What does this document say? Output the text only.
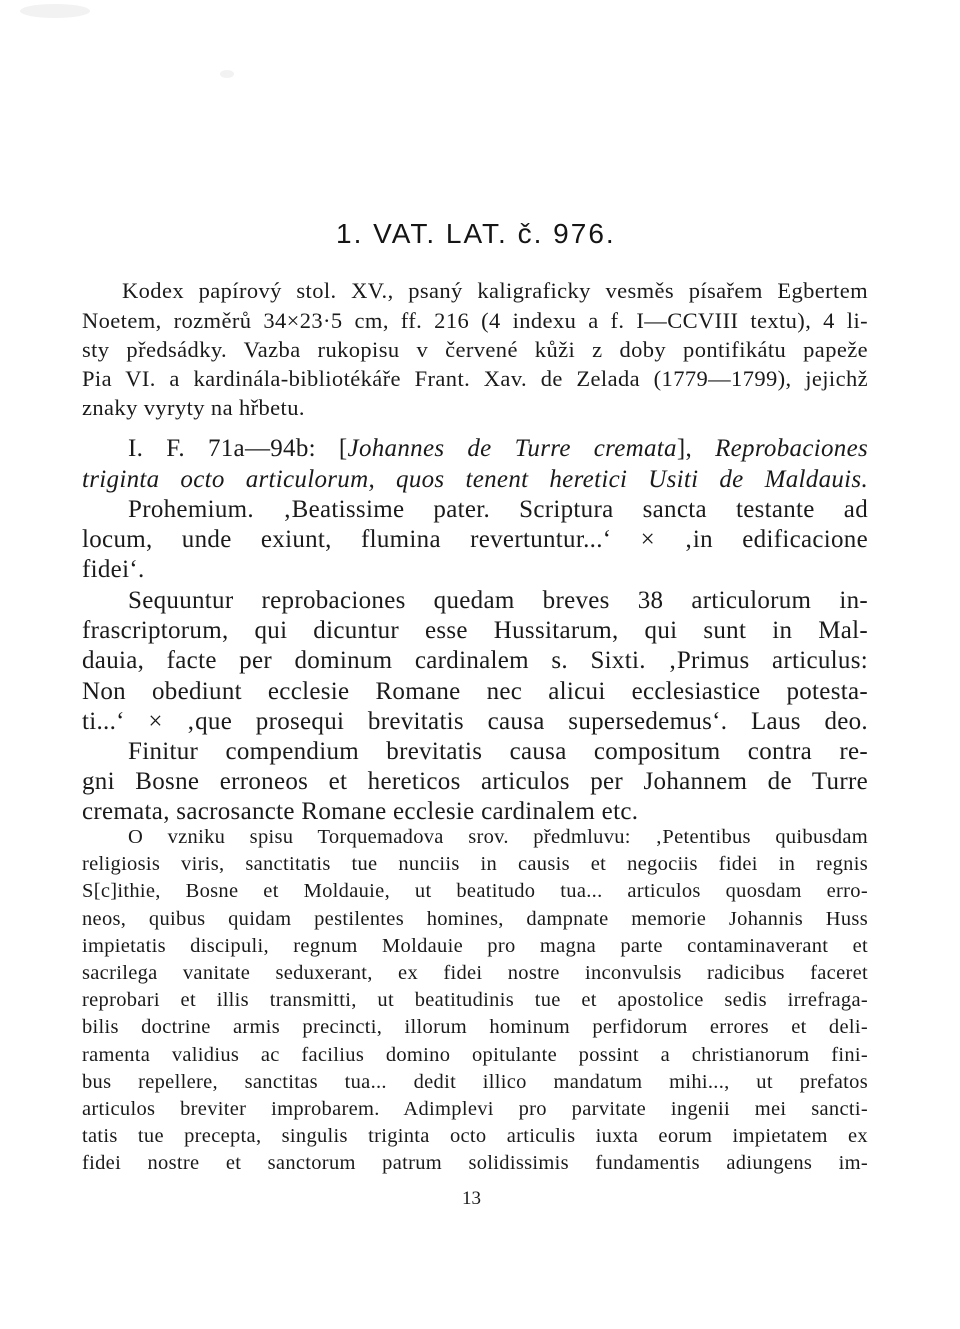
1. VAT. LAT. č. 976.
Kodex papírový stol. XV., psaný kaligraficky vesměs písařem Egbertem
Noetem, rozměrů 34×23·5 cm, ff. 216 (4 indexu a f. I—CCVIII textu), 4 li-
sty předsádky. Vazba rukopisu v červené kůži z doby pontifikátu papeže
Pia VI. a kardinála-bibliotékáře Frant. Xav. de Zelada (1779—1799), jejichž
znaky vyryty na hřbetu.
I. F. 71a—94b: [Johannes de Turre cremata], Reprobaciones
triginta octo articulorum, quos tenent heretici Usiti de Maldauis.
Prohemium. ‚Beatissime pater. Scriptura sancta testante ad
locum, unde exiunt, flumina revertuntur...‘ × ‚in edificacione
fidei‘.
Sequuntur reprobaciones quedam breves 38 articulorum in-
frascriptorum, qui dicuntur esse Hussitarum, qui sunt in Mal-
dauia, facte per dominum cardinalem s. Sixti. ‚Primus articulus:
Non obediunt ecclesie Romane nec alicui ecclesiastice potesta-
ti...‘ × ‚que prosequi brevitatis causa supersedemus‘. Laus deo.
Finitur compendium brevitatis causa compositum contra re-
gni Bosne erroneos et hereticos articulos per Johannem de Turre
cremata, sacrosancte Romane ecclesie cardinalem etc.
O vzniku spisu Torquemadova srov. předmluvu: ‚Petentibus quibusdam
religiosis viris, sanctitatis tue nunciis in causis et negociis fidei in regnis
S[c]ithie, Bosne et Moldauie, ut beatitudo tua... articulos quosdam erro-
neos, quibus quidam pestilentes homines, dampnate memorie Johannis Huss
impietatis discipuli, regnum Moldauie pro magna parte contaminaverant et
sacrilega vanitate seduxerant, ex fidei nostre inconvulsis radicibus faceret
reprobari et illis transmitti, ut beatitudinis tue et apostolice sedis irrefraga-
bilis doctrine armis precincti, illorum hominum perfidorum errores et deli-
ramenta validius ac facilius domino opitulante possint a christianorum fini-
bus repellere, sanctitas tua... dedit illico mandatum mihi..., ut prefatos
articulos breviter improbarem. Adimplevi pro parvitate ingenii mei sancti-
tatis tue precepta, singulis triginta octo articulis iuxta eorum impietatem ex
fidei nostre et sanctorum patrum solidissimis fundamentis adiungens im-
13
